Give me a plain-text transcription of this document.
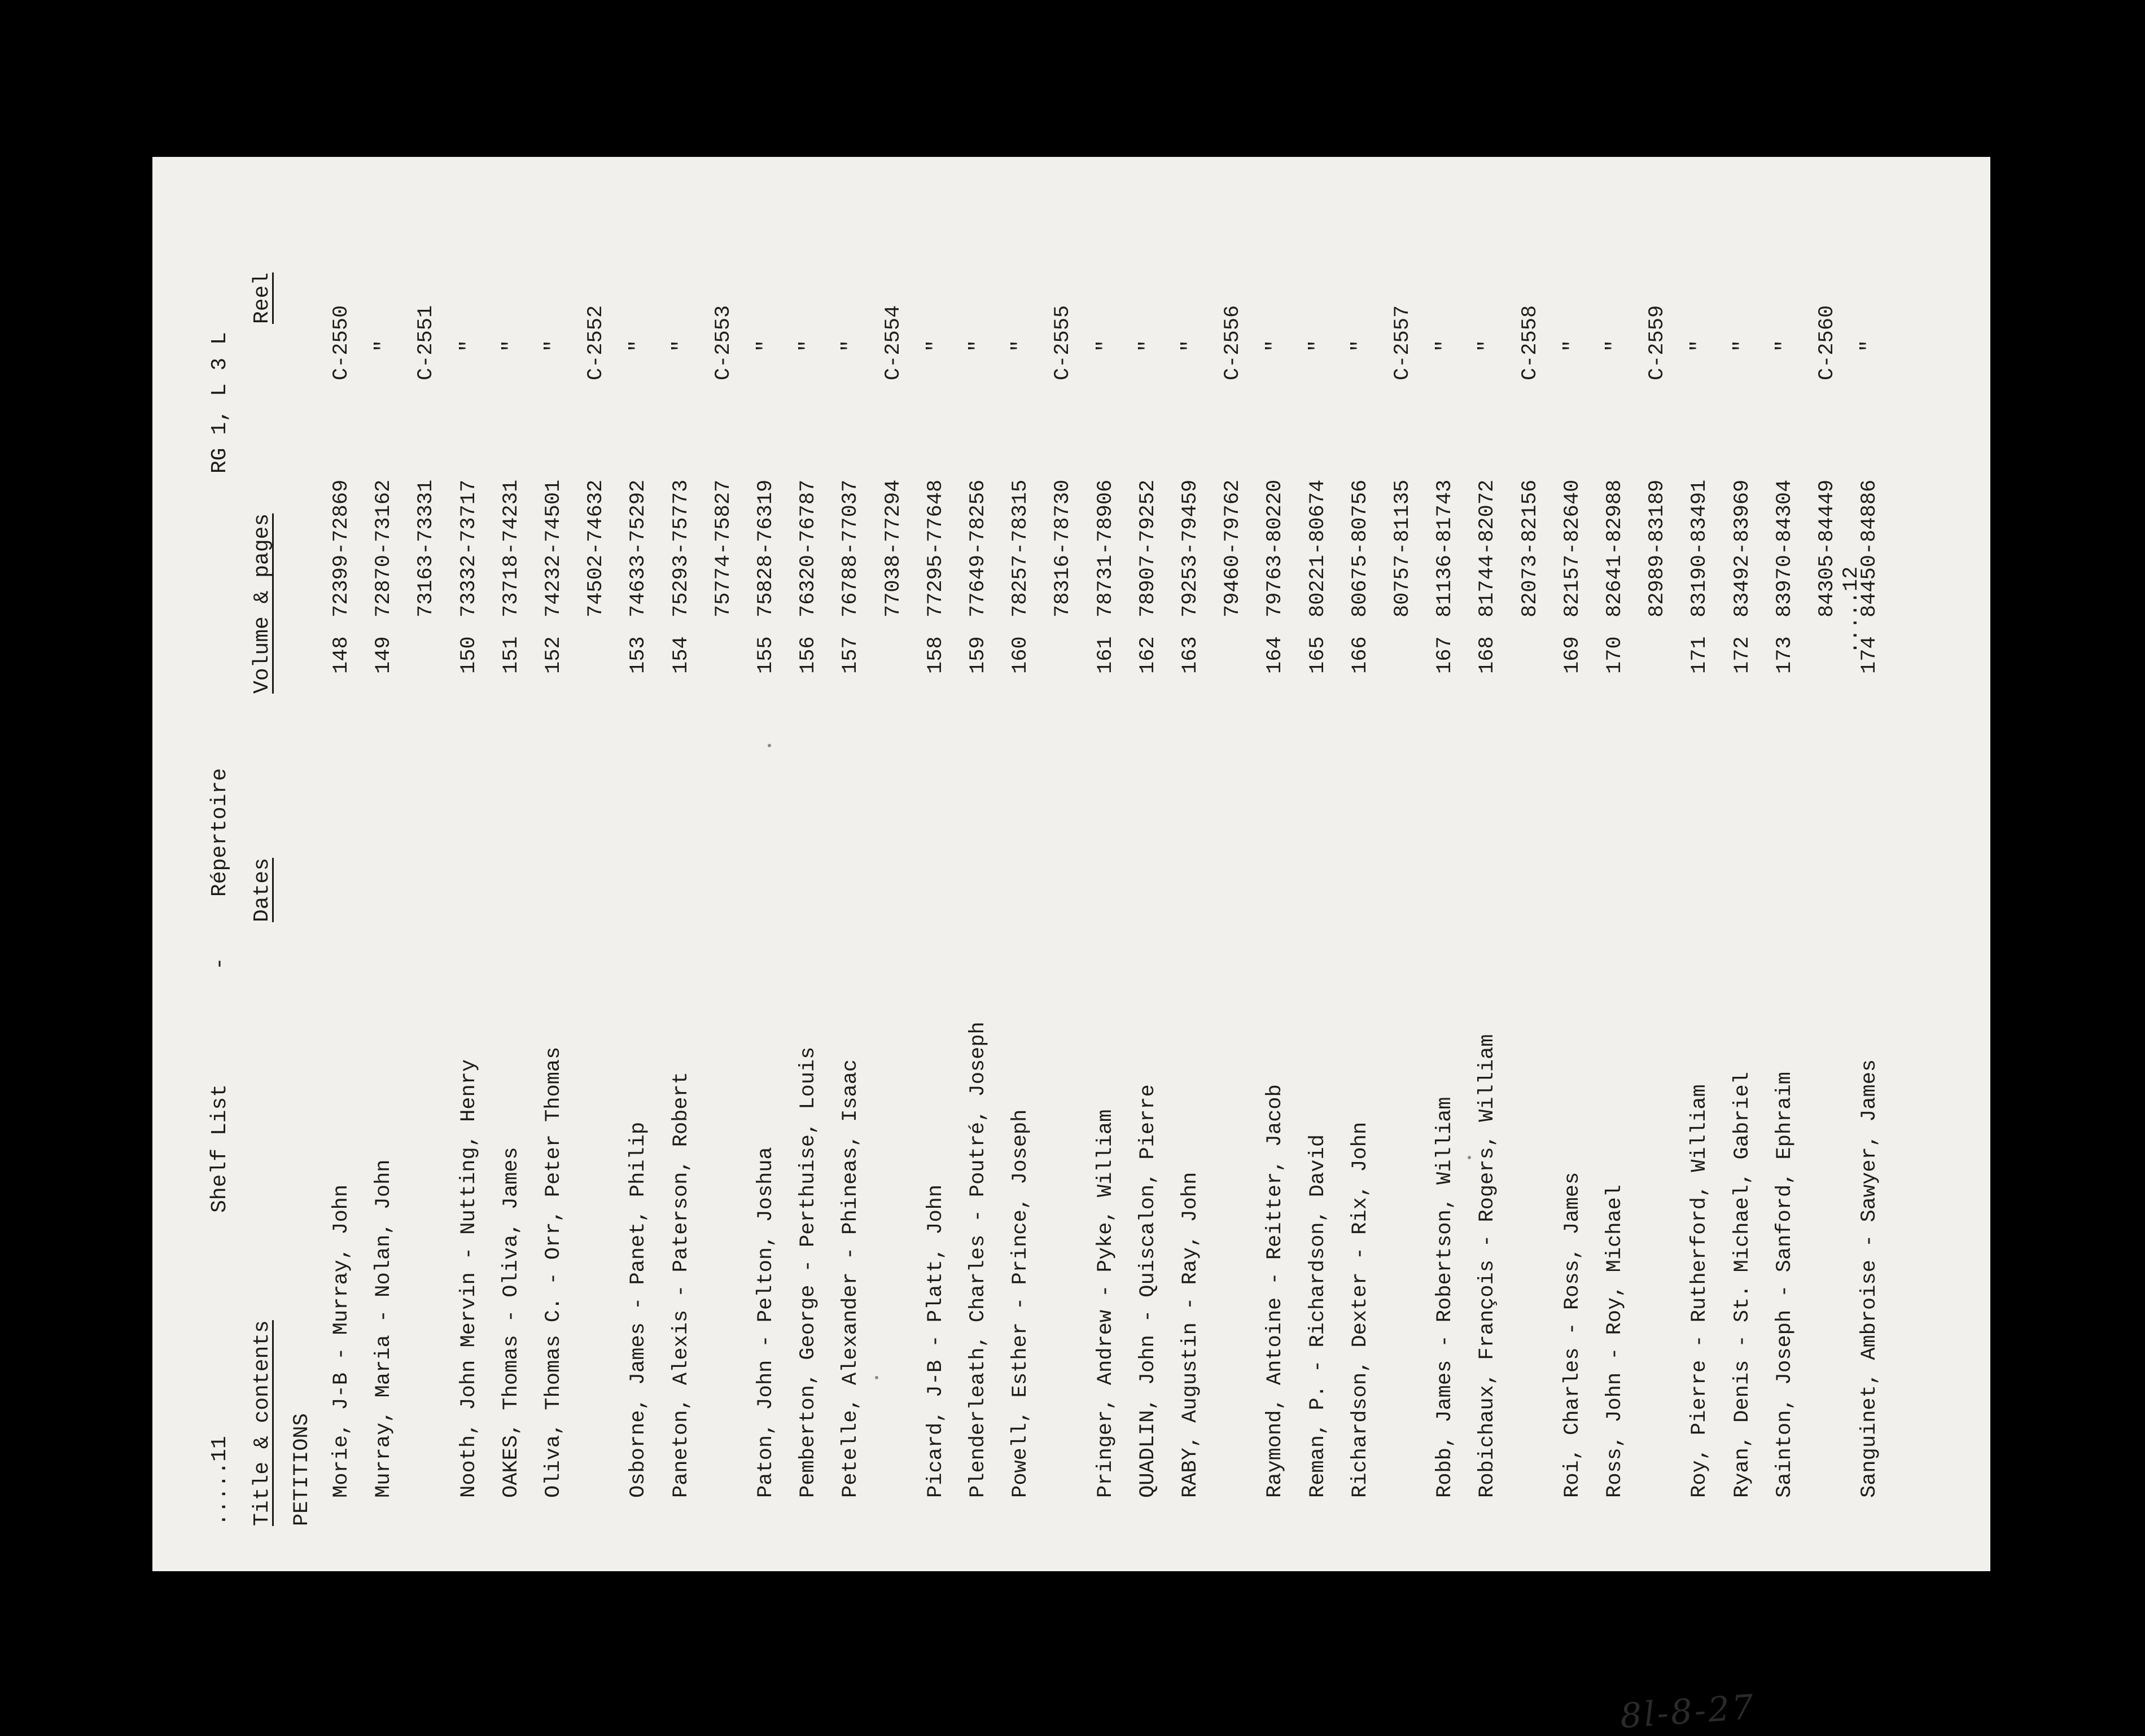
.....11
Shelf List
-
Répertoire
RG 1, L 3 L
Title & contents
Dates
Volume & pages
Reel
PETITIONS Morie, J-B - Murray, John
148
72399-72869
C-2550
Murray, Maria - Nolan, John
149
72870-73162
"
73163-73331
C-2551
Nooth, John Mervin - Nutting, Henry
150
73332-73717
"
OAKES, Thomas - Oliva, James
151
73718-74231
"
Oliva, Thomas C. - Orr, Peter Thomas
152
74232-74501
"
74502-74632
C-2552
Osborne, James - Panet, Philip
153
74633-75292
"
Paneton, Alexis - Paterson, Robert
154
75293-75773
"
75774-75827
C-2553
Paton, John - Pelton, Joshua
155
75828-76319
"
Pemberton, George - Perthuise, Louis
156
76320-76787
"
Petelle, Alexander - Phineas, Isaac
157
76788-77037
"
77038-77294
C-2554
Picard, J-B - Platt, John
158
77295-77648
"
Plenderleath, Charles - Poutré, Joseph
159
77649-78256
"
Powell, Esther - Prince, Joseph
160
78257-78315
"
78316-78730
C-2555
Pringer, Andrew - Pyke, William
161
78731-78906
"
QUADLIN, John - Quiscalon, Pierre
162
78907-79252
"
RABY, Augustin - Ray, John
163
79253-79459
"
79460-79762
C-2556
Raymond, Antoine - Reitter, Jacob
164
79763-80220
"
Reman, P. - Richardson, David
165
80221-80674
"
Richardson, Dexter - Rix, John
166
80675-80756
"
80757-81135
C-2557
Robb, James - Robertson, William
167
81136-81743
"
Robichaux, François - Rogers, William
168
81744-82072
"
82073-82156
C-2558
Roi, Charles - Ross, James
169
82157-82640
"
Ross, John - Roy, Michael
170
82641-82988
"
82989-83189
C-2559
Roy, Pierre - Rutherford, William
171
83190-83491
"
Ryan, Denis - St. Michael, Gabriel
172
83492-83969
"
Sainton, Joseph - Sanford, Ephraim
173
83970-84304
"
84305-84449
C-2560
Sanguinet, Ambroise - Sawyer, James
174
84450-84886
"
.....12
8l-8-27
